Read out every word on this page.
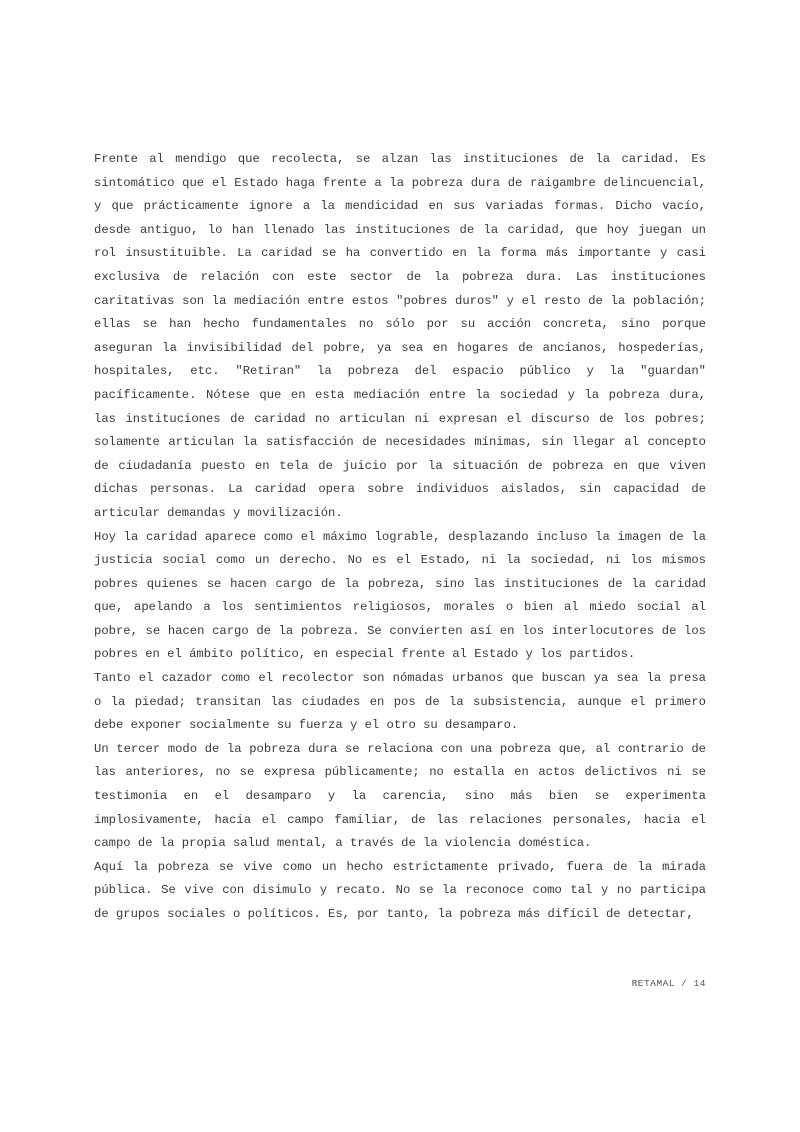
Frente al mendigo que recolecta, se alzan las instituciones de la caridad. Es sintomático que el Estado haga frente a la pobreza dura de raigambre delincuencial, y que prácticamente ignore a la mendicidad en sus variadas formas. Dicho vacío, desde antiguo, lo han llenado las instituciones de la caridad, que hoy juegan un rol insustituible. La caridad se ha convertido en la forma más importante y casi exclusiva de relación con este sector de la pobreza dura. Las instituciones caritativas son la mediación entre estos "pobres duros" y el resto de la población; ellas se han hecho fundamentales no sólo por su acción concreta, sino porque aseguran la invisibilidad del pobre, ya sea en hogares de ancianos, hospederías, hospitales, etc. "Retiran" la pobreza del espacio público y la "guardan" pacíficamente. Nótese que en esta mediación entre la sociedad y la pobreza dura, las instituciones de caridad no articulan ni expresan el discurso de los pobres; solamente articulan la satisfacción de necesidades mínimas, sin llegar al concepto de ciudadanía puesto en tela de juicio por la situación de pobreza en que viven dichas personas. La caridad opera sobre individuos aislados, sin capacidad de articular demandas y movilización.

Hoy la caridad aparece como el máximo lograble, desplazando incluso la imagen de la justicia social como un derecho. No es el Estado, ni la sociedad, ni los mismos pobres quienes se hacen cargo de la pobreza, sino las instituciones de la caridad que, apelando a los sentimientos religiosos, morales o bien al miedo social al pobre, se hacen cargo de la pobreza. Se convierten así en los interlocutores de los pobres en el ámbito político, en especial frente al Estado y los partidos.

Tanto el cazador como el recolector son nómadas urbanos que buscan ya sea la presa o la piedad; transitan las ciudades en pos de la subsistencia, aunque el primero debe exponer socialmente su fuerza y el otro su desamparo.

Un tercer modo de la pobreza dura se relaciona con una pobreza que, al contrario de las anteriores, no se expresa públicamente; no estalla en actos delictivos ni se testimonia en el desamparo y la carencia, sino más bien se experimenta implosivamente, hacia el campo familiar, de las relaciones personales, hacia el campo de la propia salud mental, a través de la violencia doméstica.

Aquí la pobreza se vive como un hecho estrictamente privado, fuera de la mirada pública. Se vive con disimulo y recato. No se la reconoce como tal y no participa de grupos sociales o políticos. Es, por tanto, la pobreza más difícil de detectar,

RETAMAL / 14
